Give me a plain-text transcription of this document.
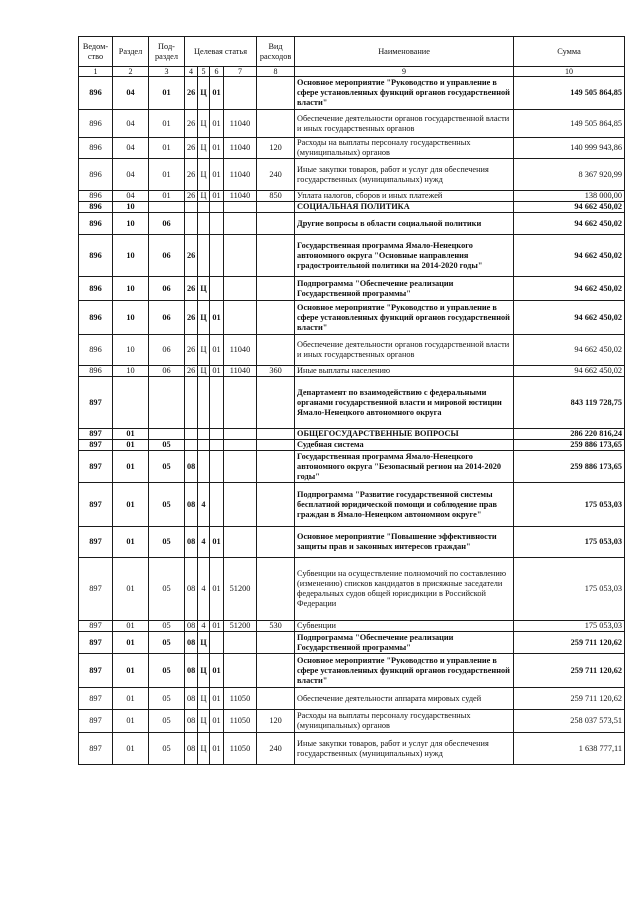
Ведом-ство	Раздел	Под-раздел	Целевая статья				Вид расходов	Наименование	Сумма
1	2	3	4	5	6	7	8	9	10
896	04	01	26	Ц	01			Основное мероприятие "Руководство и управление в сфере установленных функций органов государственной власти"	149 505 864,85
896	04	01	26	Ц	01	11040		Обеспечение деятельности органов государственной власти и иных государственных органов	149 505 864,85
896	04	01	26	Ц	01	11040	120	Расходы на выплаты персоналу государственных (муниципальных) органов	140 999 943,86
896	04	01	26	Ц	01	11040	240	Иные закупки товаров, работ и услуг для обеспечения государственных (муниципальных) нужд	8 367 920,99
896	04	01	26	Ц	01	11040	850	Уплата налогов, сборов и иных платежей	138 000,00
896	10							СОЦИАЛЬНАЯ ПОЛИТИКА	94 662 450,02
896	10	06						Другие вопросы в области социальной политики	94 662 450,02
896	10	06	26					Государственная программа Ямало-Ненецкого автономного округа "Основные направления градостроительной политики на 2014-2020 годы"	94 662 450,02
896	10	06	26	Ц				Подпрограмма "Обеспечение реализации Государственной программы"	94 662 450,02
896	10	06	26	Ц	01			Основное мероприятие "Руководство и управление в сфере установленных функций органов государственной власти"	94 662 450,02
896	10	06	26	Ц	01	11040		Обеспечение деятельности органов государственной власти и иных государственных органов	94 662 450,02
896	10	06	26	Ц	01	11040	360	Иные выплаты населению	94 662 450,02
897								Департамент по взаимодействию с федеральными органами государственной власти и мировой юстиции Ямало-Ненецкого автономного округа	843 119 728,75
897	01							ОБЩЕГОСУДАРСТВЕННЫЕ ВОПРОСЫ	286 220 816,24
897	01	05						Судебная система	259 886 173,65
897	01	05	08					Государственная программа Ямало-Ненецкого автономного округа "Безопасный регион на 2014-2020 годы"	259 886 173,65
897	01	05	08	4				Подпрограмма "Развитие государственной системы бесплатной юридической помощи и соблюдение прав граждан в Ямало-Ненецком автономном округе"	175 053,03
897	01	05	08	4	01			Основное мероприятие "Повышение эффективности защиты прав и законных интересов граждан"	175 053,03
897	01	05	08	4	01	51200		Субвенции на осуществление полномочий по составлению (изменению) списков кандидатов в присяжные заседатели федеральных судов общей юрисдикции в Российской Федерации	175 053,03
897	01	05	08	4	01	51200	530	Субвенции	175 053,03
897	01	05	08	Ц				Подпрограмма "Обеспечение реализации Государственной программы"	259 711 120,62
897	01	05	08	Ц	01			Основное мероприятие "Руководство и управление в сфере установленных функций органов государственной власти"	259 711 120,62
897	01	05	08	Ц	01	11050		Обеспечение деятельности аппарата мировых судей	259 711 120,62
897	01	05	08	Ц	01	11050	120	Расходы на выплаты персоналу государственных (муниципальных) органов	258 037 573,51
897	01	05	08	Ц	01	11050	240	Иные закупки товаров, работ и услуг для обеспечения государственных (муниципальных) нужд	1 638 777,11
